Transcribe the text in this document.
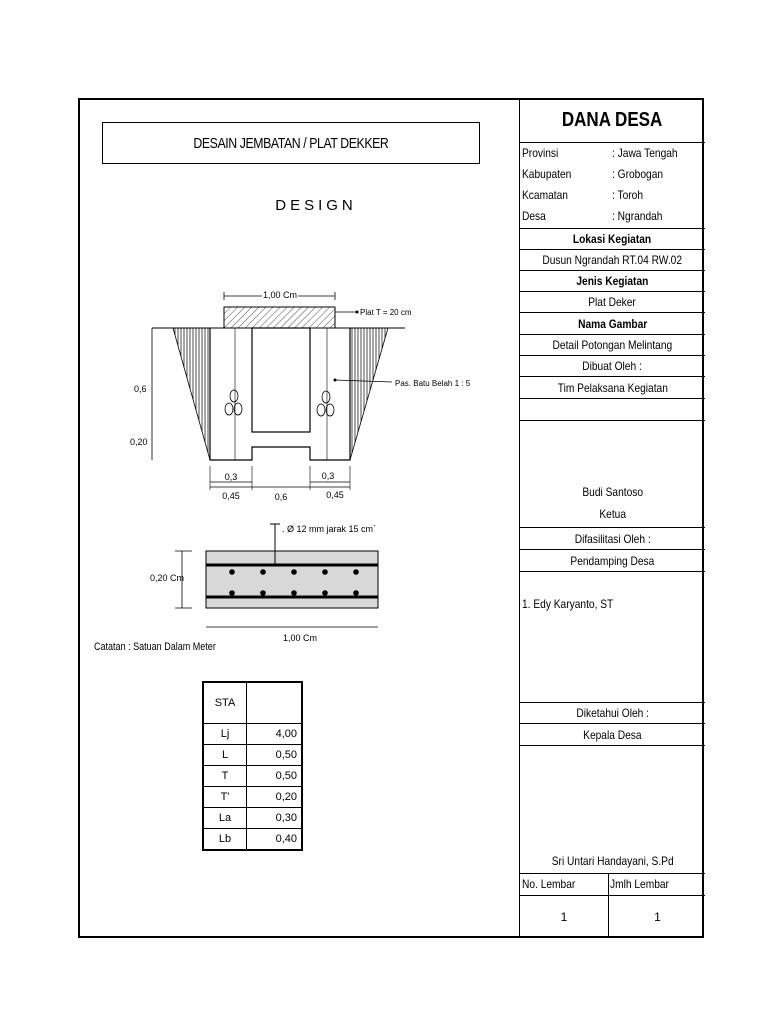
DESAIN JEMBATAN / PLAT DEKKER
DESIGN
1,00 Cm
Plat T = 20 cm
Pas. Batu Belah 1 : 5
0,6
0,20
0,3	0,3
0,45	0,6	0,45
. Ø 12 mm jarak 15 cm`
0,20 Cm
1,00 Cm
Catatan : Satuan Dalam Meter
STA	
Lj	4,00
L	0,50
T	0,50
T'	0,20
La	0,30
Lb	0,40
DANA DESA
Provinsi	: Jawa Tengah
Kabupaten	: Grobogan
Kcamatan	: Toroh
Desa	: Ngrandah
Lokasi Kegiatan
Dusun Ngrandah RT.04 RW.02
Jenis Kegiatan
Plat Deker
Nama Gambar
Detail Potongan Melintang
Dibuat Oleh :
Tim Pelaksana Kegiatan
Budi Santoso
Ketua
Difasilitasi Oleh :
Pendamping Desa
1. Edy Karyanto, ST
Diketahui Oleh :
Kepala Desa
Sri Untari Handayani, S.Pd
No. Lembar	Jmlh Lembar
1	1
